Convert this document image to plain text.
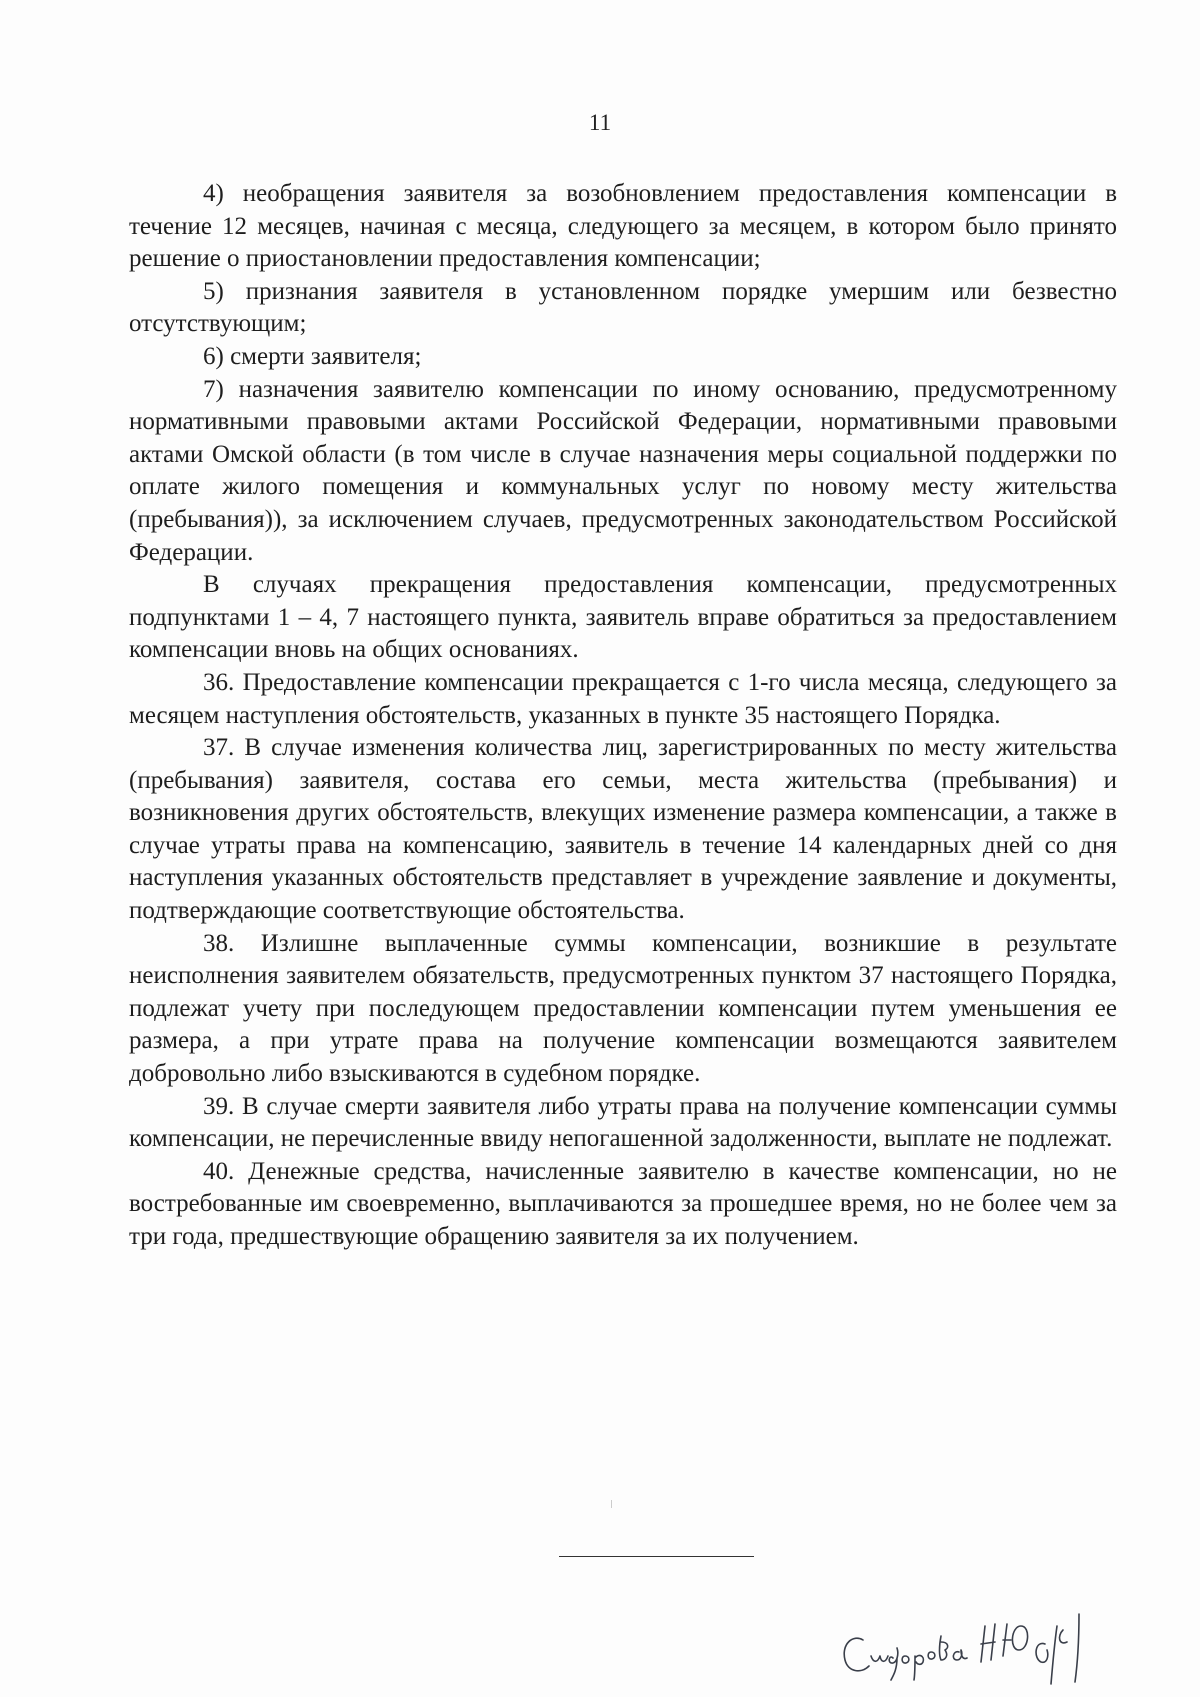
11

4) необращения заявителя за возобновлением предоставления компенсации в течение 12 месяцев, начиная с месяца, следующего за месяцем, в котором было принято решение о приостановлении предоставления компенсации;

5) признания заявителя в установленном порядке умершим или безвестно отсутствующим;

6) смерти заявителя;

7) назначения заявителю компенсации по иному основанию, предусмотренному нормативными правовыми актами Российской Федерации, нормативными правовыми актами Омской области (в том числе в случае назначения меры социальной поддержки по оплате жилого помещения и коммунальных услуг по новому месту жительства (пребывания)), за исключением случаев, предусмотренных законодательством Российской Федерации.

В случаях прекращения предоставления компенсации, предусмотренных подпунктами 1 – 4, 7 настоящего пункта, заявитель вправе обратиться за предоставлением компенсации вновь на общих основаниях.

36. Предоставление компенсации прекращается с 1-го числа месяца, следующего за месяцем наступления обстоятельств, указанных в пункте 35 настоящего Порядка.

37. В случае изменения количества лиц, зарегистрированных по месту жительства (пребывания) заявителя, состава его семьи, места жительства (пребывания) и возникновения других обстоятельств, влекущих изменение размера компенсации, а также в случае утраты права на компенсацию, заявитель в течение 14 календарных дней со дня наступления указанных обстоятельств представляет в учреждение заявление и документы, подтверждающие соответствующие обстоятельства.

38. Излишне выплаченные суммы компенсации, возникшие в результате неисполнения заявителем обязательств, предусмотренных пунктом 37 настоящего Порядка, подлежат учету при последующем предоставлении компенсации путем уменьшения ее размера, а при утрате права на получение компенсации возмещаются заявителем добровольно либо взыскиваются в судебном порядке.

39. В случае смерти заявителя либо утраты права на получение компенсации суммы компенсации, не перечисленные ввиду непогашенной задолженности, выплате не подлежат.

40. Денежные средства, начисленные заявителю в качестве компенсации, но не востребованные им своевременно, выплачиваются за прошедшее время, но не более чем за три года, предшествующие обращению заявителя за их получением.
